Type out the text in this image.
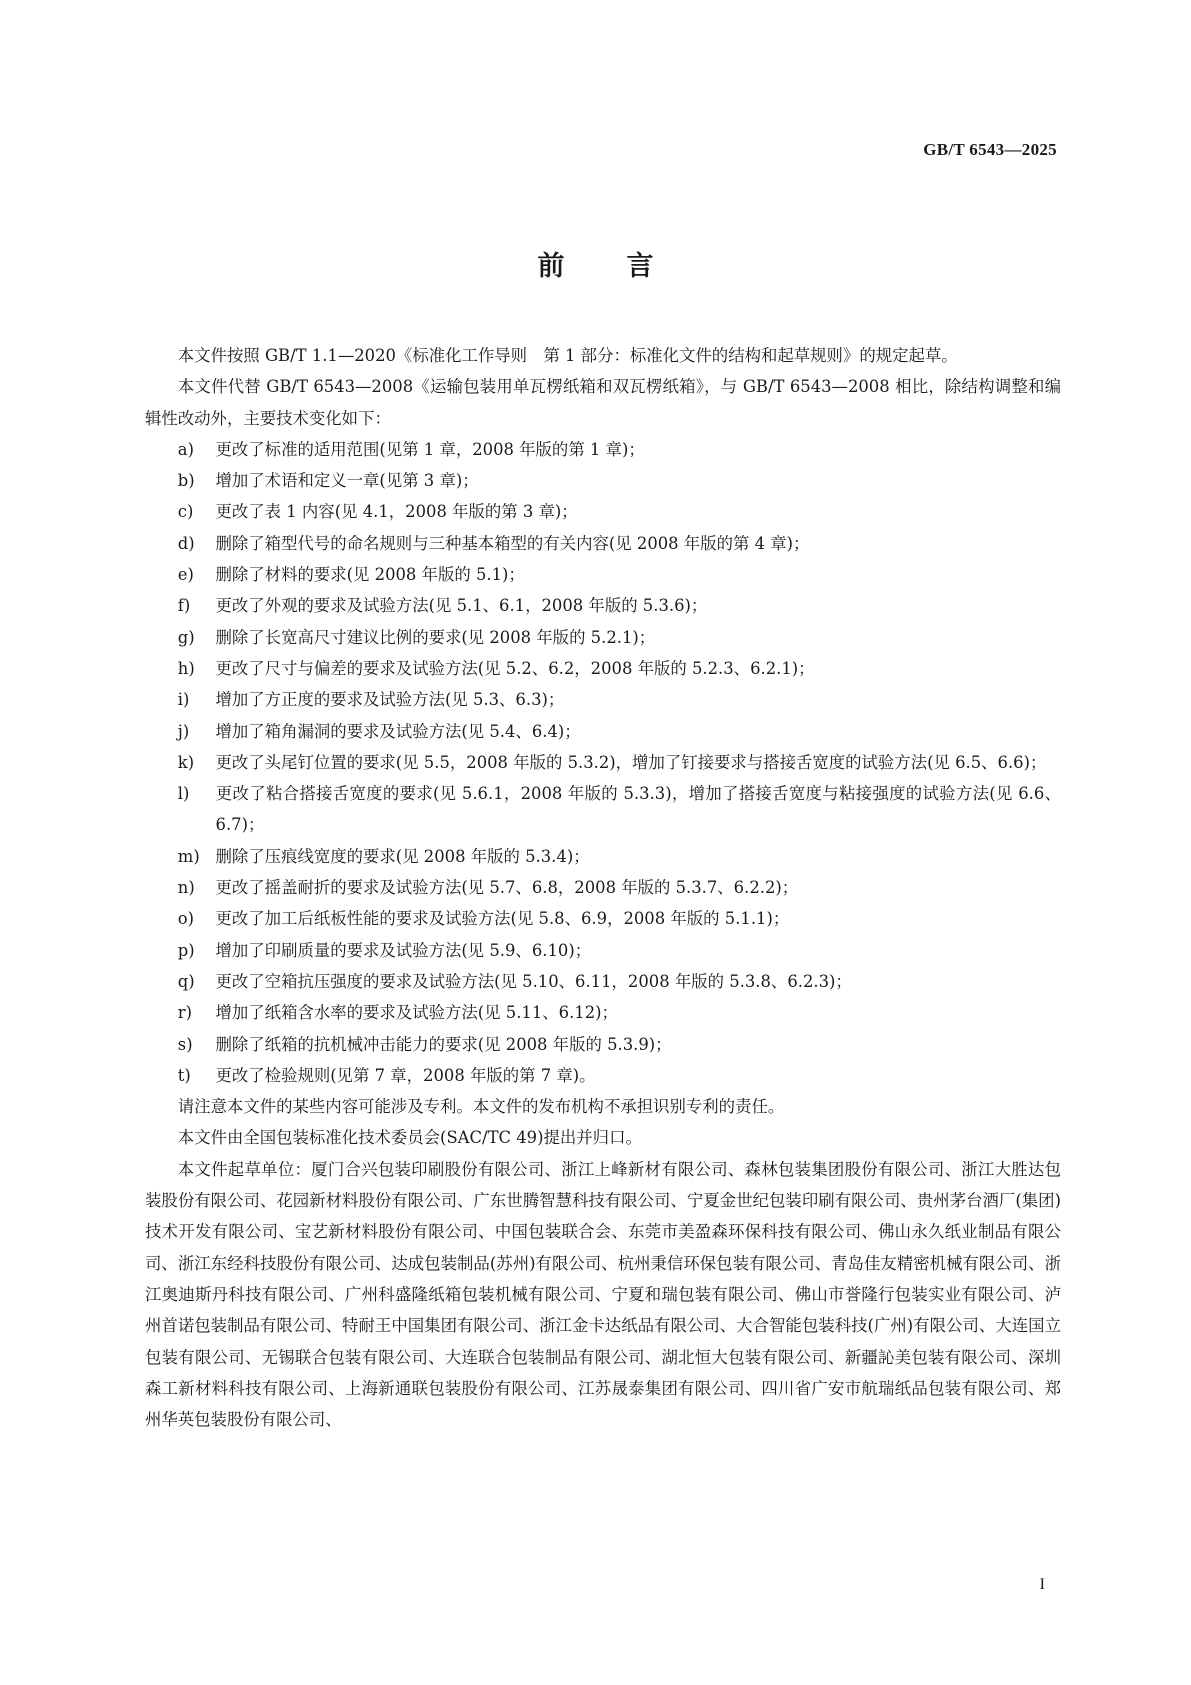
GB/T 6543—2025
前言

本文件按照 GB/T 1.1—2020《标准化工作导则　第 1 部分：标准化文件的结构和起草规则》的规定起草。

本文件代替 GB/T 6543—2008《运输包装用单瓦楞纸箱和双瓦楞纸箱》，与 GB/T 6543—2008 相比，除结构调整和编辑性改动外，主要技术变化如下：

a) 更改了标准的适用范围(见第 1 章，2008 年版的第 1 章)；
b) 增加了术语和定义一章(见第 3 章)；
c) 更改了表 1 内容(见 4.1，2008 年版的第 3 章)；
d) 删除了箱型代号的命名规则与三种基本箱型的有关内容(见 2008 年版的第 4 章)；
e) 删除了材料的要求(见 2008 年版的 5.1)；
f) 更改了外观的要求及试验方法(见 5.1、6.1，2008 年版的 5.3.6)；
g) 删除了长宽高尺寸建议比例的要求(见 2008 年版的 5.2.1)；
h) 更改了尺寸与偏差的要求及试验方法(见 5.2、6.2，2008 年版的 5.2.3、6.2.1)；
i) 增加了方正度的要求及试验方法(见 5.3、6.3)；
j) 增加了箱角漏洞的要求及试验方法(见 5.4、6.4)；
k) 更改了头尾钉位置的要求(见 5.5，2008 年版的 5.3.2)，增加了钉接要求与搭接舌宽度的试验方法(见 6.5、6.6)；
l) 更改了粘合搭接舌宽度的要求(见 5.6.1，2008 年版的 5.3.3)，增加了搭接舌宽度与粘接强度的试验方法(见 6.6、6.7)；
m) 删除了压痕线宽度的要求(见 2008 年版的 5.3.4)；
n) 更改了摇盖耐折的要求及试验方法(见 5.7、6.8，2008 年版的 5.3.7、6.2.2)；
o) 更改了加工后纸板性能的要求及试验方法(见 5.8、6.9，2008 年版的 5.1.1)；
p) 增加了印刷质量的要求及试验方法(见 5.9、6.10)；
q) 更改了空箱抗压强度的要求及试验方法(见 5.10、6.11，2008 年版的 5.3.8、6.2.3)；
r) 增加了纸箱含水率的要求及试验方法(见 5.11、6.12)；
s) 删除了纸箱的抗机械冲击能力的要求(见 2008 年版的 5.3.9)；
t) 更改了检验规则(见第 7 章，2008 年版的第 7 章)。

请注意本文件的某些内容可能涉及专利。本文件的发布机构不承担识别专利的责任。

本文件由全国包装标准化技术委员会(SAC/TC 49)提出并归口。

本文件起草单位：厦门合兴包装印刷股份有限公司、浙江上峰新材有限公司、森林包装集团股份有限公司、浙江大胜达包装股份有限公司、花园新材料股份有限公司、广东世腾智慧科技有限公司、宁夏金世纪包装印刷有限公司、贵州茅台酒厂(集团)技术开发有限公司、宝艺新材料股份有限公司、中国包装联合会、东莞市美盈森环保科技有限公司、佛山永久纸业制品有限公司、浙江东经科技股份有限公司、达成包装制品(苏州)有限公司、杭州秉信环保包装有限公司、青岛佳友精密机械有限公司、浙江奥迪斯丹科技有限公司、广州科盛隆纸箱包装机械有限公司、宁夏和瑞包装有限公司、佛山市誉隆行包装实业有限公司、泸州首诺包装制品有限公司、特耐王中国集团有限公司、浙江金卡达纸品有限公司、大合智能包装科技(广州)有限公司、大连国立包装有限公司、无锡联合包装有限公司、大连联合包装制品有限公司、湖北恒大包装有限公司、新疆訫美包装有限公司、深圳森工新材料科技有限公司、上海新通联包装股份有限公司、江苏晟泰集团有限公司、四川省广安市航瑞纸品包装有限公司、郑州华英包装股份有限公司、

I
